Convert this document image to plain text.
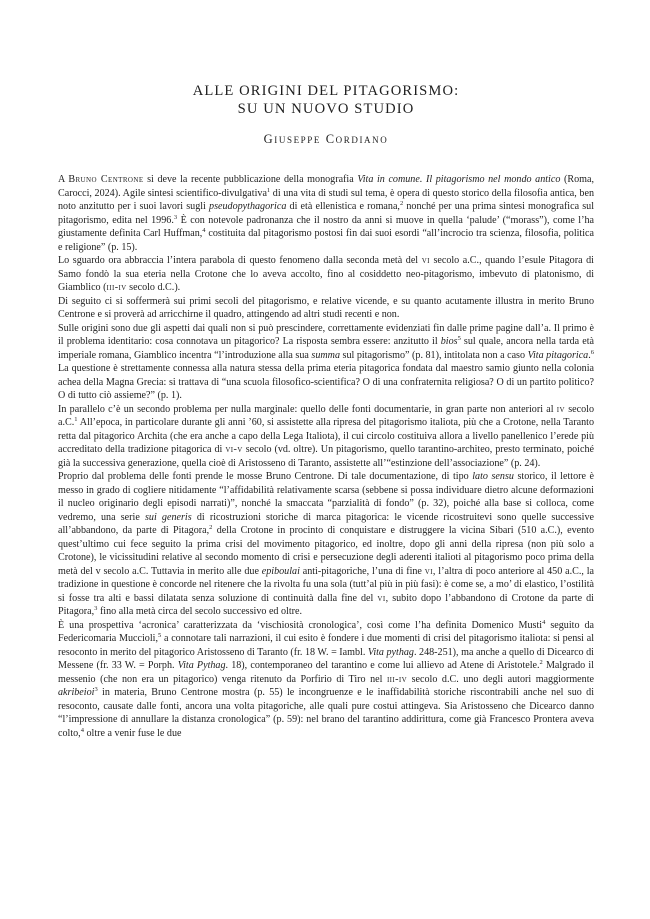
ALLE ORIGINI DEL PITAGORISMO:
SU UN NUOVO STUDIO
Giuseppe Cordiano

A Bruno Centrone si deve la recente pubblicazione della monografia Vita in comune. Il pitagorismo nel mondo antico (Roma, Carocci, 2024). Agile sintesi scientifico-divulgativa$^1$ di una vita di studi sul tema, è opera di questo storico della filosofia antica, ben noto anzitutto per i suoi lavori sugli pseudopythagorica di età ellenistica e romana,$^2$ nonché per una prima sintesi monografica sul pitagorismo, edita nel 1996.$^3$ È con notevole padronanza che il nostro da anni si muove in quella ‘palude’ (“morass”), come l’ha giustamente definita Carl Huffman,$^4$ costituita dal pitagorismo postosi fin dai suoi esordi “all’incrocio tra scienza, filosofia, politica e religione” (p. 15).

Lo sguardo ora abbraccia l’intera parabola di questo fenomeno dalla seconda metà del vi secolo a.C., quando l’esule Pitagora di Samo fondò la sua eteria nella Crotone che lo aveva accolto, fino al cosiddetto neo-pitagorismo, imbevuto di platonismo, di Giamblico (iii-iv secolo d.C.).

Di seguito ci si soffermerà sui primi secoli del pitagorismo, e relative vicende, e su quanto acutamente illustra in merito Bruno Centrone e si proverà ad arricchirne il quadro, attingendo ad altri studi recenti e non.

Sulle origini sono due gli aspetti dai quali non si può prescindere, correttamente evidenziati fin dalle prime pagine dall’a. Il primo è il problema identitario: cosa connotava un pitagorico? La risposta sembra essere: anzitutto il bios$^5$ sul quale, ancora nella tarda età imperiale romana, Giamblico incentra “l’introduzione alla sua summa sul pitagorismo” (p. 81), intitolata non a caso Vita pitagorica.$^6$ La questione è strettamente connessa alla natura stessa della prima eteria pitagorica fondata dal maestro samio giunto nella colonia achea della Magna Grecia: si trattava di “una scuola filosofico-scientifica? O di una confraternita religiosa? O di un partito politico? O di tutto ciò assieme?” (p. 1).

In parallelo c’è un secondo problema per nulla marginale: quello delle fonti documentarie, in gran parte non anteriori al iv secolo a.C.$^1$ All’epoca, in particolare durante gli anni ’60, si assistette alla ripresa del pitagorismo italiota, più che a Crotone, nella Taranto retta dal pitagorico Archita (che era anche a capo della Lega Italiota), il cui circolo costituiva allora a livello panellenico l’erede più accreditato della tradizione pitagorica di vi-v secolo (vd. oltre). Un pitagorismo, quello tarantino-architeo, presto terminato, poiché già la successiva generazione, quella cioè di Aristosseno di Taranto, assistette all’“estinzione dell’associazione” (p. 24).

Proprio dal problema delle fonti prende le mosse Bruno Centrone. Di tale documentazione, di tipo lato sensu storico, il lettore è messo in grado di cogliere nitidamente “l’affidabilità relativamente scarsa (sebbene si possa individuare dietro alcune deformazioni il nucleo originario degli episodi narrati)”, nonché la smaccata “parzialità di fondo” (p. 32), poiché alla base si colloca, come vedremo, una serie sui generis di ricostruzioni storiche di marca pitagorica: le vicende ricostruitevi sono quelle successive all’abbandono, da parte di Pitagora,$^2$ della Crotone in procinto di conquistare e distruggere la vicina Sibari (510 a.C.), evento quest’ultimo cui fece seguito la prima crisi del movimento pitagorico, ed inoltre, dopo gli anni della ripresa (non più solo a Crotone), le vicissitudini relative al secondo momento di crisi e persecuzione degli aderenti italioti al pitagorismo poco prima della metà del v secolo a.C. Tuttavia in merito alle due epiboulai anti-pitagoriche, l’una di fine vi, l’altra di poco anteriore al 450 a.C., la tradizione in questione è concorde nel ritenere che la rivolta fu una sola (tutt’al più in più fasi): è come se, a mo’ di elastico, l’ostilità si fosse tra alti e bassi dilatata senza soluzione di continuità dalla fine del vi, subito dopo l’abbandono di Crotone da parte di Pitagora,$^3$ fino alla metà circa del secolo successivo ed oltre.

È una prospettiva ‘acronica’ caratterizzata da ‘vischiosità cronologica’, così come l’ha definita Domenico Musti$^4$ seguito da Federicomaria Muccioli,$^5$ a connotare tali narrazioni, il cui esito è fondere i due momenti di crisi del pitagorismo italiota: si pensi al resoconto in merito del pitagorico Aristosseno di Taranto (fr. 18 W. = Iambl. Vita pythag. 248-251), ma anche a quello di Dicearco di Messene (fr. 33 W. = Porph. Vita Pythag. 18), contemporaneo del tarantino e come lui allievo ad Atene di Aristotele.$^2$ Malgrado il messenio (che non era un pitagorico) venga ritenuto da Porfirio di Tiro nel iii-iv secolo d.C. uno degli autori maggiormente akribeioi$^3$ in materia, Bruno Centrone mostra (p. 55) le incongruenze e le inaffidabilità storiche riscontrabili anche nel suo di resoconto, causate dalle fonti, ancora una volta pitagoriche, alle quali pure costui attingeva. Sia Aristosseno che Dicearco danno “l’impressione di annullare la distanza cronologica” (p. 59): nel brano del tarantino addirittura, come già Francesco Prontera aveva colto,$^4$ oltre a venir fuse le due
